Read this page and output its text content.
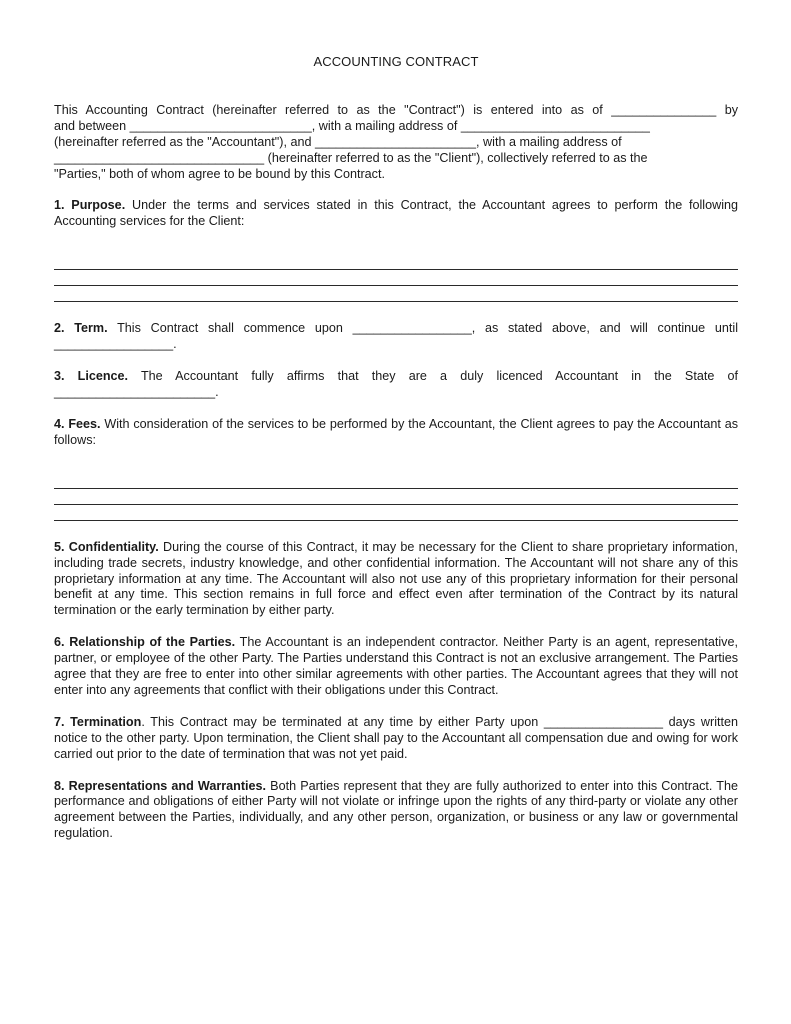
ACCOUNTING CONTRACT
This Accounting Contract (hereinafter referred to as the "Contract") is entered into as of _______________ by
and between __________________________, with a mailing address of ___________________________
(hereinafter referred as the "Accountant"), and _______________________, with a mailing address of
______________________________ (hereinafter referred to as the "Client"), collectively referred to as the
"Parties," both of whom agree to be bound by this Contract.

1. Purpose. Under the terms and services stated in this Contract, the Accountant agrees to perform the following Accounting services for the Client:

2. Term. This Contract shall commence upon _________________, as stated above, and will continue until _________________.

3. Licence. The Accountant fully affirms that they are a duly licenced Accountant in the State of _______________________.

4. Fees. With consideration of the services to be performed by the Accountant, the Client agrees to pay the Accountant as follows:

5. Confidentiality. During the course of this Contract, it may be necessary for the Client to share proprietary information, including trade secrets, industry knowledge, and other confidential information. The Accountant will not share any of this proprietary information at any time. The Accountant will also not use any of this proprietary information for their personal benefit at any time. This section remains in full force and effect even after termination of the Contract by its natural termination or the early termination by either party.

6. Relationship of the Parties. The Accountant is an independent contractor. Neither Party is an agent, representative, partner, or employee of the other Party. The Parties understand this Contract is not an exclusive arrangement. The Parties agree that they are free to enter into other similar agreements with other parties. The Accountant agrees that they will not enter into any agreements that conflict with their obligations under this Contract.

7. Termination. This Contract may be terminated at any time by either Party upon _________________ days written notice to the other party. Upon termination, the Client shall pay to the Accountant all compensation due and owing for work carried out prior to the date of termination that was not yet paid.

8. Representations and Warranties. Both Parties represent that they are fully authorized to enter into this Contract. The performance and obligations of either Party will not violate or infringe upon the rights of any third-party or violate any other agreement between the Parties, individually, and any other person, organization, or business or any law or governmental regulation.
